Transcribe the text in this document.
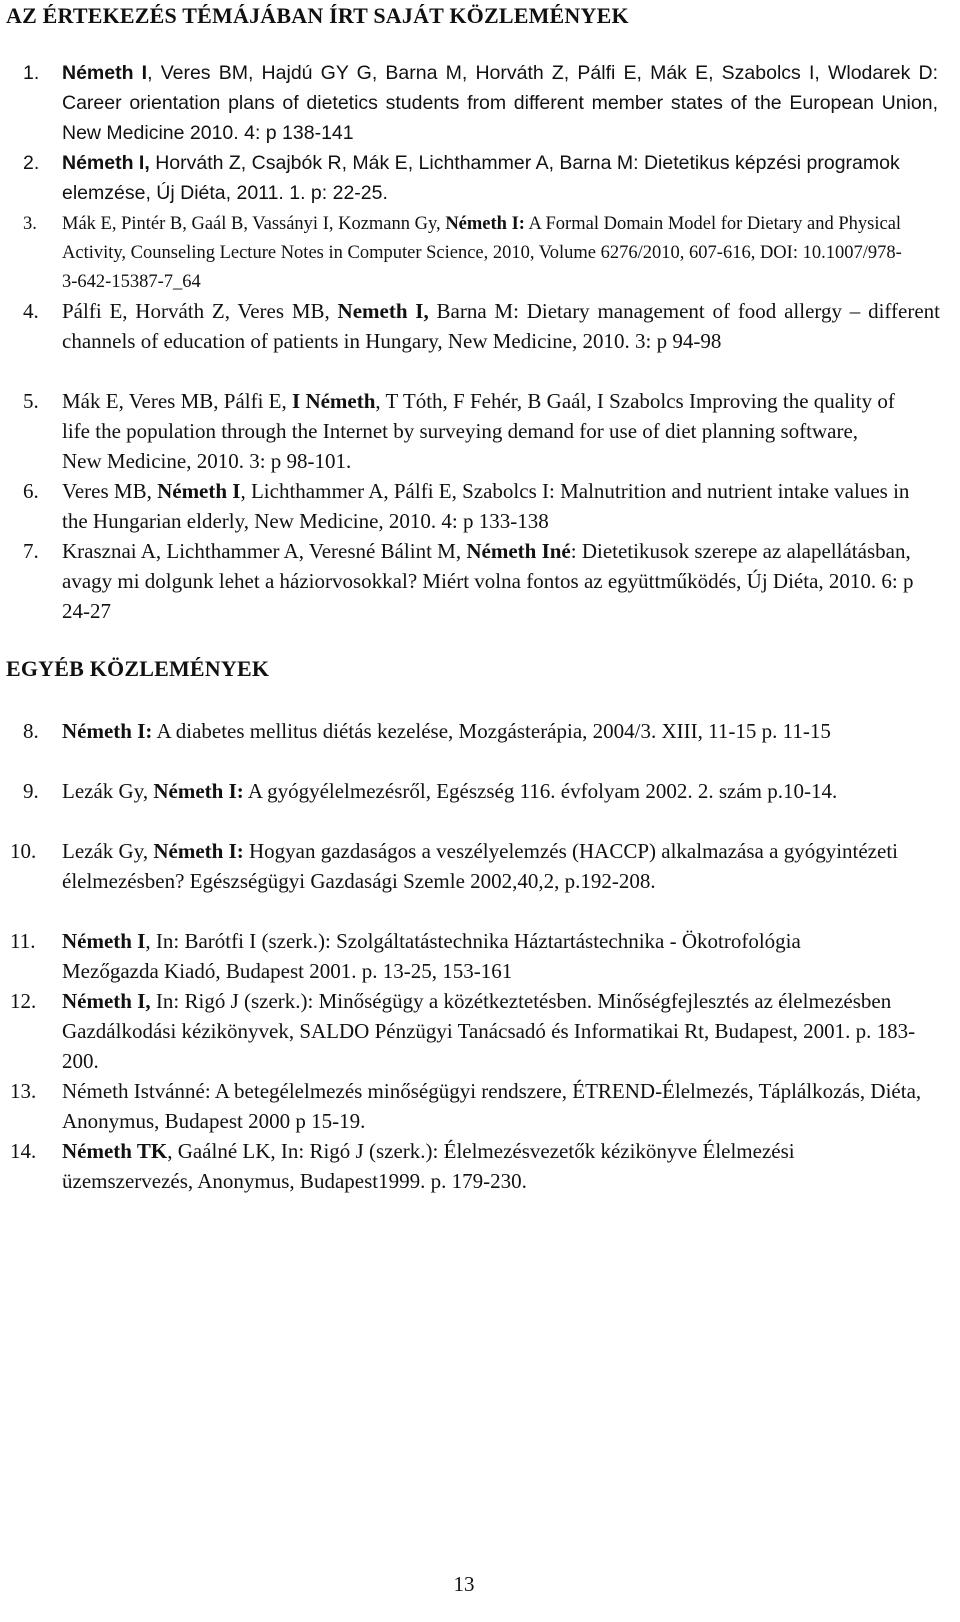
AZ ÉRTEKEZÉS TÉMÁJÁBAN ÍRT SAJÁT KÖZLEMÉNYEK
1. Németh I, Veres BM, Hajdú GY G, Barna M, Horváth Z, Pálfi E, Mák E, Szabolcs I, Wlodarek D: Career orientation plans of dietetics students from different member states of the European Union, New Medicine 2010. 4: p 138-141
2. Németh I, Horváth Z, Csajbók R, Mák E, Lichthammer A, Barna M: Dietetikus képzési programok elemzése, Új Diéta, 2011. 1. p: 22-25.
3. Mák E, Pintér B, Gaál B, Vassányi I, Kozmann Gy, Németh I: A Formal Domain Model for Dietary and Physical Activity, Counseling Lecture Notes in Computer Science, 2010, Volume 6276/2010, 607-616, DOI: 10.1007/978-3-642-15387-7_64
4. Pálfi E, Horváth Z, Veres MB, Nemeth I, Barna M: Dietary management of food allergy – different channels of education of patients in Hungary, New Medicine, 2010. 3: p 94-98
5. Mák E, Veres MB, Pálfi E, I Németh, T Tóth, F Fehér, B Gaál, I Szabolcs Improving the quality of life the population through the Internet by surveying demand for use of diet planning software, New Medicine, 2010. 3: p 98-101.
6. Veres MB, Németh I, Lichthammer A, Pálfi E, Szabolcs I: Malnutrition and nutrient intake values in the Hungarian elderly, New Medicine, 2010. 4: p 133-138
7. Krasznai A, Lichthammer A, Veresné Bálint M, Németh Iné: Dietetikusok szerepe az alapellátásban, avagy mi dolgunk lehet a háziorvosokkal? Miért volna fontos az együttműködés, Új Diéta, 2010. 6: p 24-27
EGYÉB KÖZLEMÉNYEK
8. Németh I: A diabetes mellitus diétás kezelése, Mozgásterápia, 2004/3. XIII, 11-15 p. 11-15
9. Lezák Gy, Németh I: A gyógyélelmezésről, Egészség 116. évfolyam 2002. 2. szám p.10-14.
10. Lezák Gy, Németh I: Hogyan gazdaságos a veszélyelemzés (HACCP) alkalmazása a gyógyintézeti élelmezésben? Egészségügyi Gazdasági Szemle 2002,40,2, p.192-208.
11. Németh I, In: Barótfi I (szerk.): Szolgáltatástechnika Háztartástechnika - Ökotrofológia Mezőgazda Kiadó, Budapest 2001. p. 13-25, 153-161
12. Németh I, In: Rigó J (szerk.): Minőségügy a közétkeztetésben. Minőségfejlesztés az élelmezésben Gazdálkodási kézikönyvek, SALDO Pénzügyi Tanácsadó és Informatikai Rt, Budapest, 2001. p. 183-200.
13. Németh Istvánné: A betegélelmezés minőségügyi rendszere, ÉTREND-Élelmezés, Táplálkozás, Diéta, Anonymus, Budapest 2000 p 15-19.
14. Németh TK, Gaálné LK, In: Rigó J (szerk.): Élelmezésvezetők kézikönyve Élelmezési üzemszervezés, Anonymus, Budapest1999. p. 179-230.
13
